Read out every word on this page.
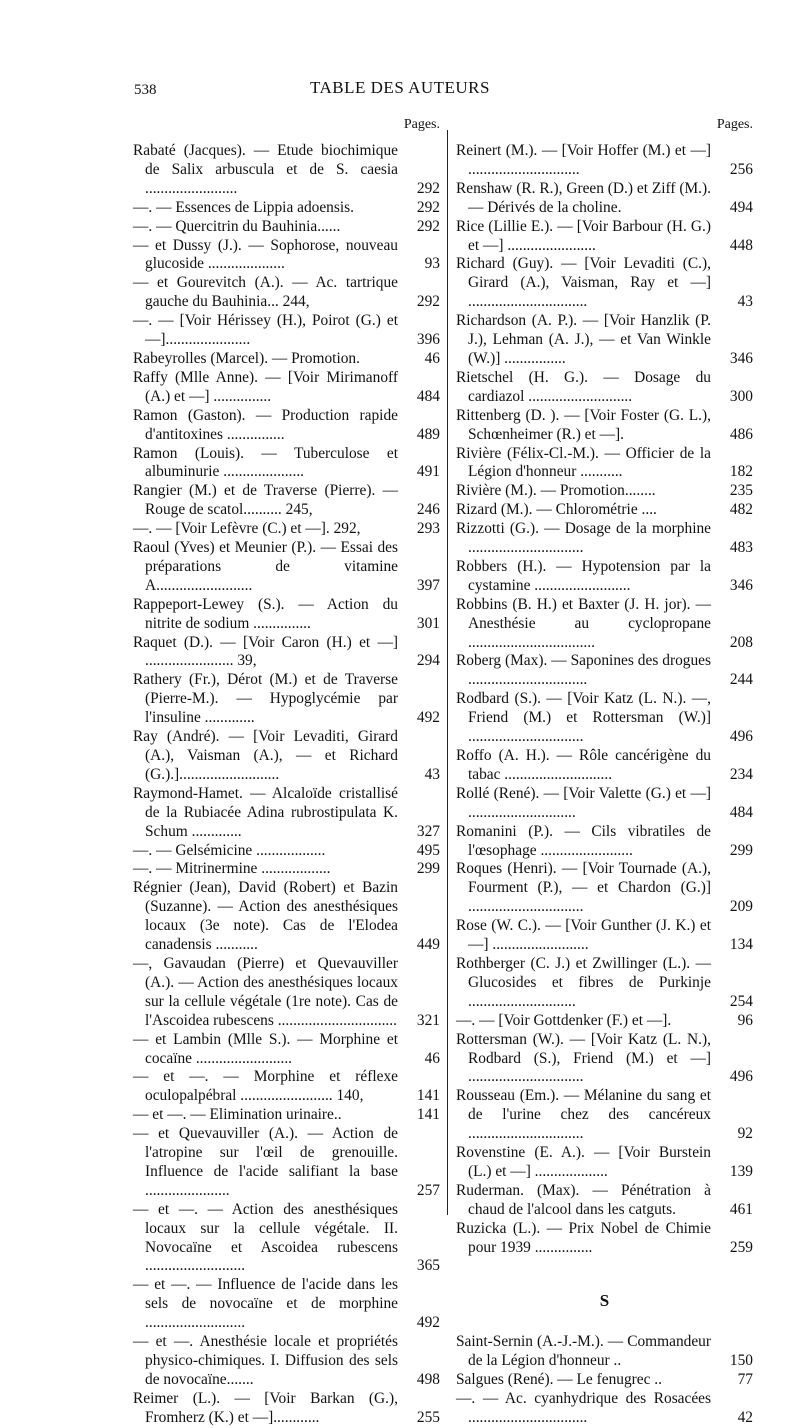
TABLE DES AUTEURS
538
Pages.
Rabaté (Jacques). — Etude biochimique de Salix arbuscula et de S. caesia ........................	292
—. — Essences de Lippia adoensis.	292
—. — Quercitrin du Bauhinia......	292
— et Dussy (J.). — Sophorose, nouveau glucoside ....................	93
— et Gourevitch (A.). — Ac. tartrique gauche du Bauhinia... 244,	292
—. — [Voir Hérissey (H.), Poirot (G.) et —]......................	396
Rabeyrolles (Marcel). — Promotion.	46
Raffy (Mlle Anne). — [Voir Mirimanoff (A.) et —] ...............	484
Ramon (Gaston). — Production rapide d'antitoxines ...............	489
Ramon (Louis). — Tuberculose et albuminurie .....................	491
Rangier (M.) et de Traverse (Pierre). — Rouge de scatol.......... 245,	246
—. — [Voir Lefèvre (C.) et —]. 292,	293
Raoul (Yves) et Meunier (P.). — Essai des préparations de vitamine A.........................	397
Rappeport-Lewey (S.). — Action du nitrite de sodium ...............	301
Raquet (D.). — [Voir Caron (H.) et —] ....................... 39,	294
Rathery (Fr.), Dérot (M.) et de Traverse (Pierre-M.). — Hypoglycémie par l'insuline .............	492
Ray (André). — [Voir Levaditi, Girard (A.), Vaisman (A.), — et Richard (G.).]..........................	43
Raymond-Hamet. — Alcaloïde cristallisé de la Rubiacée Adina rubrostipulata K. Schum .............	327
—. — Gelsémicine ..................	495
—. — Mitrinermine ..................	299
Régnier (Jean), David (Robert) et Bazin (Suzanne). — Action des anesthésiques locaux (3e note). Cas de l'Elodea canadensis ...........	449
—, Gavaudan (Pierre) et Quevauviller (A.). — Action des anesthésiques locaux sur la cellule végétale (1re note). Cas de l'Ascoidea rubescens ...............................	321
— et Lambin (Mlle S.). — Morphine et cocaïne .........................	46
— et —. — Morphine et réflexe oculopalpébral ........................ 140,	141
— et —. — Elimination urinaire..	141
— et Quevauviller (A.). — Action de l'atropine sur l'œil de grenouille. Influence de l'acide salifiant la base ......................	257
— et —. — Action des anesthésiques locaux sur la cellule végétale. II. Novocaïne et Ascoidea rubescens ..........................	365
— et —. — Influence de l'acide dans les sels de novocaïne et de morphine ..........................	492
— et —. Anesthésie locale et propriétés physico-chimiques. I. Diffusion des sels de novocaïne.......	498
Reimer (L.). — [Voir Barkan (G.), Fromherz (K.) et —]............	255
Pages.
Reinert (M.). — [Voir Hoffer (M.) et —] .............................	256
Renshaw (R. R.), Green (D.) et Ziff (M.). — Dérivés de la choline.	494
Rice (Lillie E.). — [Voir Barbour (H. G.) et —] .......................	448
Richard (Guy). — [Voir Levaditi (C.), Girard (A.), Vaisman, Ray et —] ...............................	43
Richardson (A. P.). — [Voir Hanzlik (P. J.), Lehman (A. J.), — et Van Winkle (W.)] ................	346
Rietschel (H. G.). — Dosage du cardiazol ...........................	300
Rittenberg (D. ). — [Voir Foster (G. L.), Schœnheimer (R.) et —].	486
Rivière (Félix-Cl.-M.). — Officier de la Légion d'honneur ...........	182
Rivière (M.). — Promotion........	235
Rizard (M.). — Chlorométrie ....	482
Rizzotti (G.). — Dosage de la morphine ..............................	483
Robbers (H.). — Hypotension par la cystamine .........................	346
Robbins (B. H.) et Baxter (J. H. jor). — Anesthésie au cyclopropane .................................	208
Roberg (Max). — Saponines des drogues ...............................	244
Rodbard (S.). — [Voir Katz (L. N.). —, Friend (M.) et Rottersman (W.)] ..............................	496
Roffo (A. H.). — Rôle cancérigène du tabac ............................	234
Rollé (René). — [Voir Valette (G.) et —] ............................	484
Romanini (P.). — Cils vibratiles de l'œsophage ........................	299
Roques (Henri). — [Voir Tournade (A.), Fourment (P.), — et Chardon (G.)] ..............................	209
Rose (W. C.). — [Voir Gunther (J. K.) et —] .........................	134
Rothberger (C. J.) et Zwillinger (L.). — Glucosides et fibres de Purkinje ............................	254
—. — [Voir Gottdenker (F.) et —].	96
Rottersman (W.). — [Voir Katz (L. N.), Rodbard (S.), Friend (M.) et —] ..............................	496
Rousseau (Em.). — Mélanine du sang et de l'urine chez des cancéreux ..............................	92
Rovenstine (E. A.). — [Voir Burstein (L.) et —] ...................	139
Ruderman. (Max). — Pénétration à chaud de l'alcool dans les catguts.	461
Ruzicka (L.). — Prix Nobel de Chimie pour 1939 ...............	259
S
Saint-Sernin (A.-J.-M.). — Commandeur de la Légion d'honneur ..	150
Salgues (René). — Le fenugrec ..	77
—. — Ac. cyanhydrique des Rosacées ...............................	42
